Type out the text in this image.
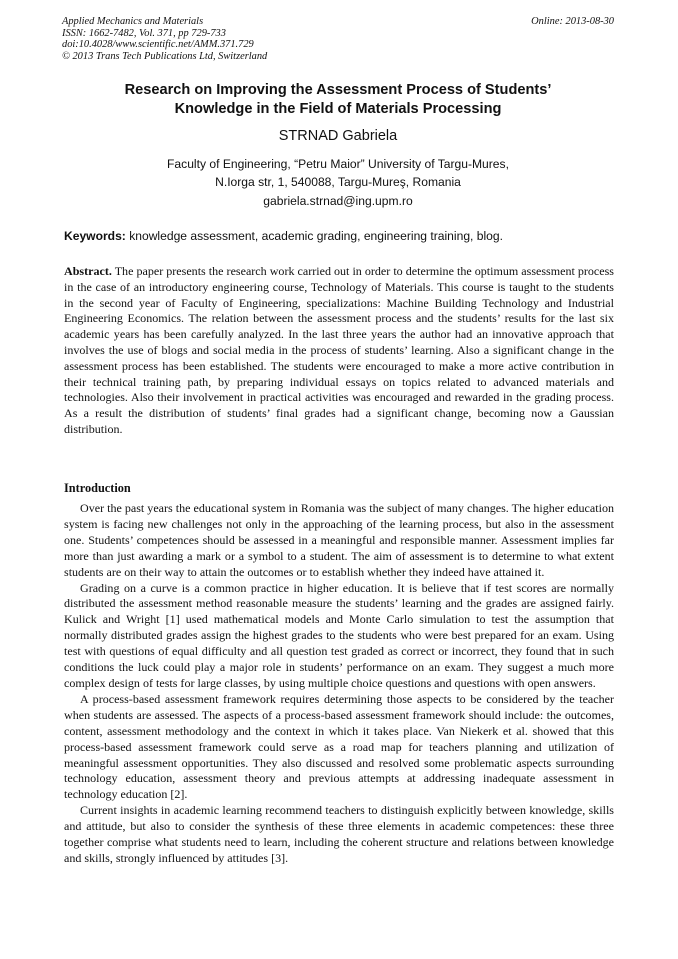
Applied Mechanics and Materials
ISSN: 1662-7482, Vol. 371, pp 729-733
doi:10.4028/www.scientific.net/AMM.371.729
© 2013 Trans Tech Publications Ltd, Switzerland
Online: 2013-08-30
Research on Improving the Assessment Process of Students’
Knowledge in the Field of Materials Processing
STRNAD Gabriela
Faculty of Engineering, “Petru Maior” University of Targu-Mures,
N.Iorga str, 1, 540088, Targu-Mureş, Romania
gabriela.strnad@ing.upm.ro
Keywords: knowledge assessment, academic grading, engineering training, blog.

Abstract. The paper presents the research work carried out in order to determine the optimum assessment process in the case of an introductory engineering course, Technology of Materials. This course is taught to the students in the second year of Faculty of Engineering, specializations: Machine Building Technology and Industrial Engineering Economics. The relation between the assessment process and the students’ results for the last six academic years has been carefully analyzed. In the last three years the author had an innovative approach that involves the use of blogs and social media in the process of students’ learning. Also a significant change in the assessment process has been established. The students were encouraged to make a more active contribution in their technical training path, by preparing individual essays on topics related to advanced materials and technologies. Also their involvement in practical activities was encouraged and rewarded in the grading process. As a result the distribution of students’ final grades had a significant change, becoming now a Gaussian distribution.

Introduction

Over the past years the educational system in Romania was the subject of many changes. The higher education system is facing new challenges not only in the approaching of the learning process, but also in the assessment one. Students’ competences should be assessed in a meaningful and responsible manner. Assessment implies far more than just awarding a mark or a symbol to a student. The aim of assessment is to determine to what extent students are on their way to attain the outcomes or to establish whether they indeed have attained it.

Grading on a curve is a common practice in higher education. It is believe that if test scores are normally distributed the assessment method reasonable measure the students’ learning and the grades are assigned fairly. Kulick and Wright [1] used mathematical models and Monte Carlo simulation to test the assumption that normally distributed grades assign the highest grades to the students who were best prepared for an exam. Using test with questions of equal difficulty and all question test graded as correct or incorrect, they found that in such conditions the luck could play a major role in students’ performance on an exam. They suggest a much more complex design of tests for large classes, by using multiple choice questions and questions with open answers.

A process-based assessment framework requires determining those aspects to be considered by the teacher when students are assessed. The aspects of a process-based assessment framework should include: the outcomes, content, assessment methodology and the context in which it takes place. Van Niekerk et al. showed that this process-based assessment framework could serve as a road map for teachers planning and utilization of meaningful assessment opportunities. They also discussed and resolved some problematic aspects surrounding technology education, assessment theory and previous attempts at addressing inadequate assessment in technology education [2].

Current insights in academic learning recommend teachers to distinguish explicitly between knowledge, skills and attitude, but also to consider the synthesis of these three elements in academic competences: these three together comprise what students need to learn, including the coherent structure and relations between knowledge and skills, strongly influenced by attitudes [3].
